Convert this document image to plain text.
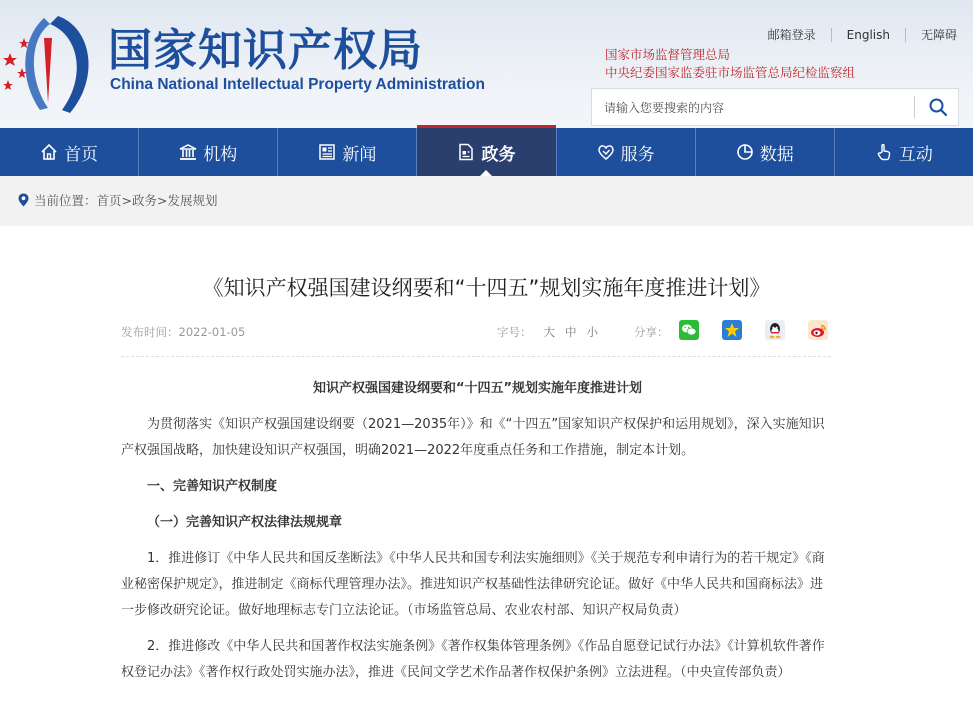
国家知识产权局
China National Intellectual Property Administration
邮箱登录	English	无障碍
国家市场监督管理总局
中央纪委国家监委驻市场监管总局纪检监察组
请输入您要搜索的内容
首页	机构	新闻	政务	服务	数据	互动
当前位置： 首页 > 政务 > 发展规划
《知识产权强国建设纲要和“十四五”规划实施年度推进计划》
发布时间：2022-01-05	字号： 大 中 小	分享：

知识产权强国建设纲要和“十四五”规划实施年度推进计划

为贯彻落实《知识产权强国建设纲要（2021—2035年）》和《“十四五”国家知识产权保护和运用规划》，深入实施知识产权强国战略，加快建设知识产权强国，明确2021—2022年度重点任务和工作措施，制定本计划。

一、完善知识产权制度

（一）完善知识产权法律法规规章

1．推进修订《中华人民共和国反垄断法》《中华人民共和国专利法实施细则》《关于规范专利申请行为的若干规定》《商业秘密保护规定》，推进制定《商标代理管理办法》。推进知识产权基础性法律研究论证。做好《中华人民共和国商标法》进一步修改研究论证。做好地理标志专门立法论证。（市场监管总局、农业农村部、知识产权局负责）

2．推进修改《中华人民共和国著作权法实施条例》《著作权集体管理条例》《作品自愿登记试行办法》《计算机软件著作权登记办法》《著作权行政处罚实施办法》，推进《民间文学艺术作品著作权保护条例》立法进程。（中央宣传部负责）
